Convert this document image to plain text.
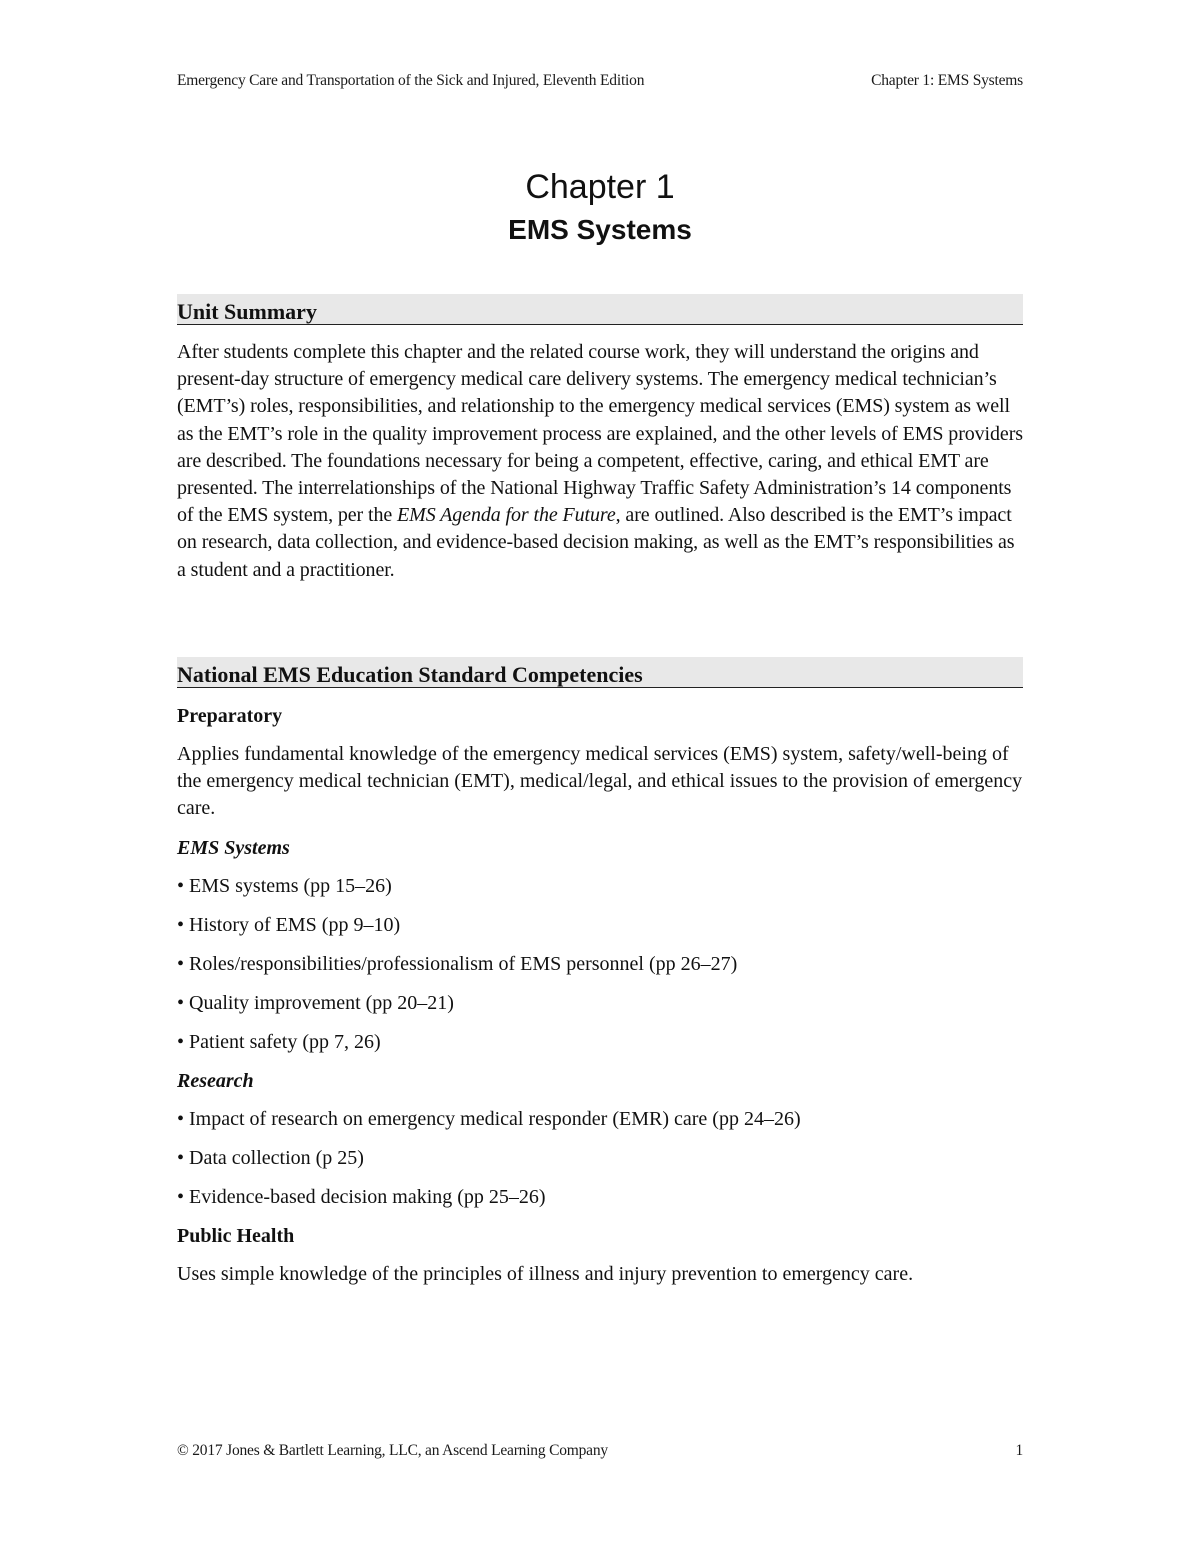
Emergency Care and Transportation of the Sick and Injured, Eleventh Edition	Chapter 1: EMS Systems
Chapter 1
EMS Systems
Unit Summary
After students complete this chapter and the related course work, they will understand the origins and present-day structure of emergency medical care delivery systems. The emergency medical technician’s (EMT’s) roles, responsibilities, and relationship to the emergency medical services (EMS) system as well as the EMT’s role in the quality improvement process are explained, and the other levels of EMS providers are described. The foundations necessary for being a competent, effective, caring, and ethical EMT are presented. The interrelationships of the National Highway Traffic Safety Administration’s 14 components of the EMS system, per the EMS Agenda for the Future, are outlined. Also described is the EMT’s impact on research, data collection, and evidence-based decision making, as well as the EMT’s responsibilities as a student and a practitioner.
National EMS Education Standard Competencies
Preparatory
Applies fundamental knowledge of the emergency medical services (EMS) system, safety/well-being of the emergency medical technician (EMT), medical/legal, and ethical issues to the provision of emergency care.
EMS Systems
• EMS systems (pp 15–26)
• History of EMS (pp 9–10)
• Roles/responsibilities/professionalism of EMS personnel (pp 26–27)
• Quality improvement (pp 20–21)
• Patient safety (pp 7, 26)
Research
• Impact of research on emergency medical responder (EMR) care (pp 24–26)
• Data collection (p 25)
• Evidence-based decision making (pp 25–26)
Public Health
Uses simple knowledge of the principles of illness and injury prevention to emergency care.
© 2017 Jones & Bartlett Learning, LLC, an Ascend Learning Company	1
